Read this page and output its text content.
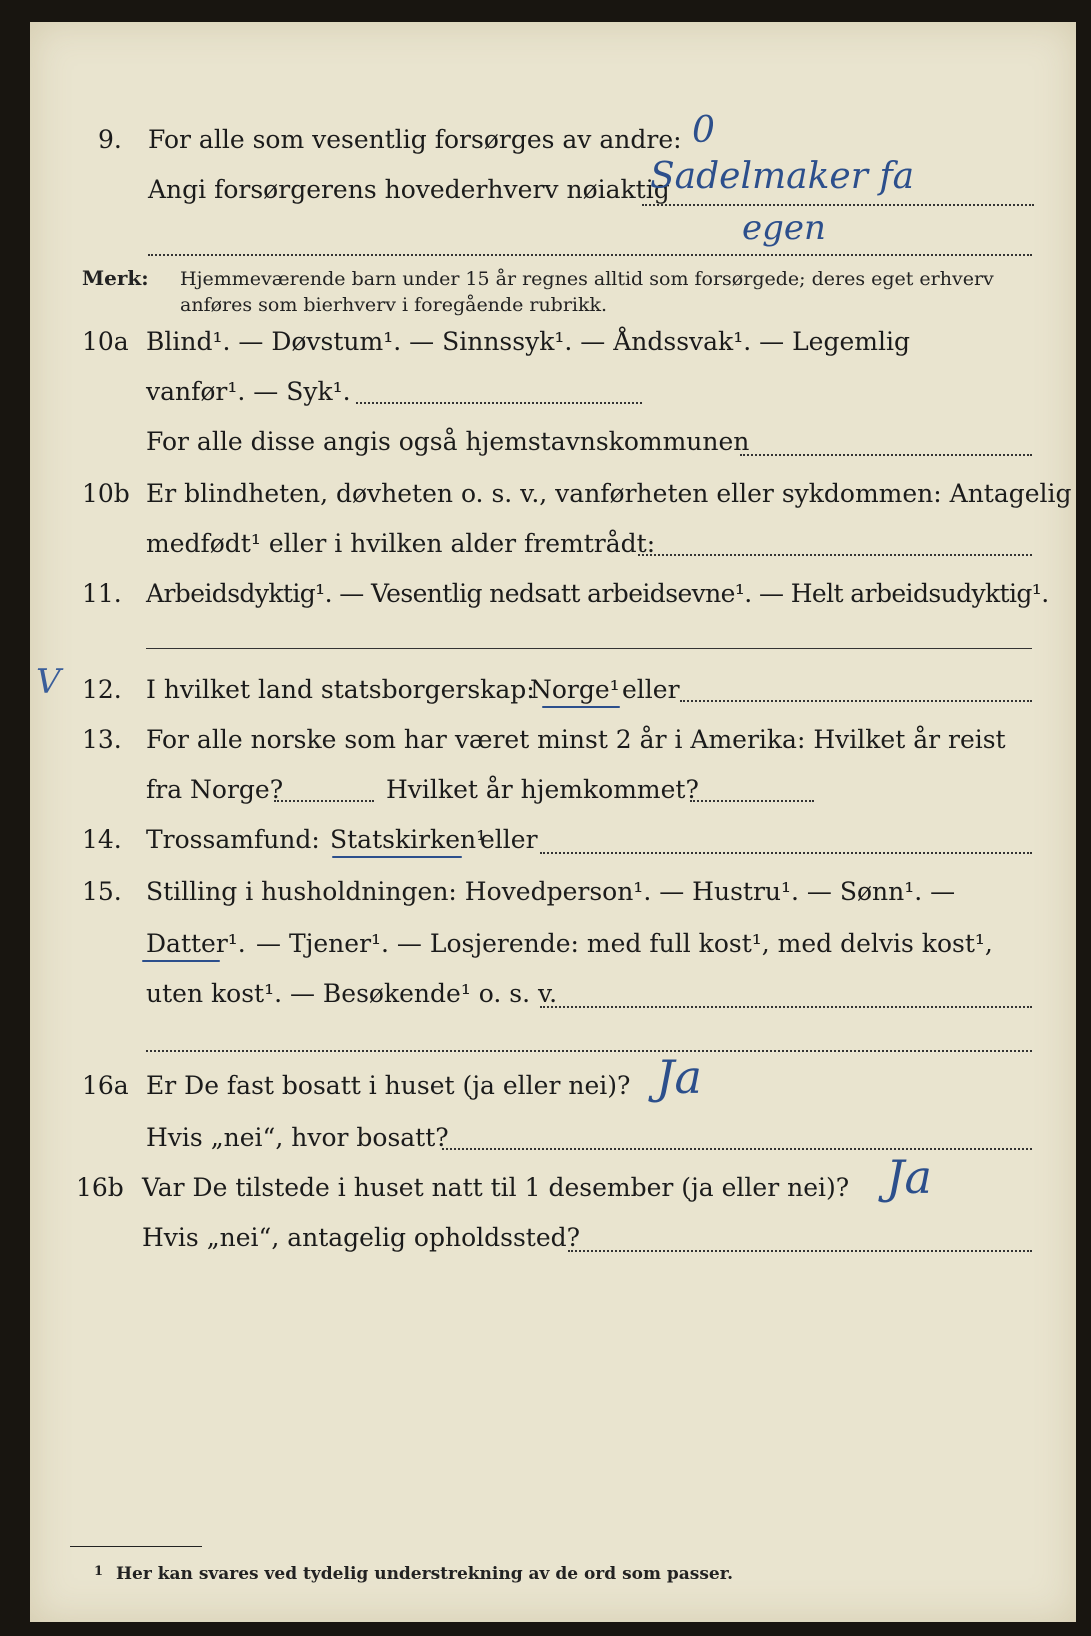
9. For alle som vesentlig forsørges av andre: 0
Angi forsørgerens hovederhverv nøiaktig
Sadelmaker fa
egen
Merk: Hjemmeværende barn under 15 år regnes alltid som forsørgede; deres eget erhverv
anføres som bierhverv i foregående rubrikk.
10a Blind¹. — Døvstum¹. — Sinnssyk¹. — Åndssvak¹. — Legemlig
vanfør¹. — Syk¹.
For alle disse angis også hjemstavnskommunen
10b Er blindheten, døvheten o. s. v., vanførheten eller sykdommen: Antagelig
medfødt¹ eller i hvilken alder fremtrådt:
11. Arbeidsdyktig¹. — Vesentlig nedsatt arbeidsevne¹. — Helt arbeidsudyktig¹.
V 12. I hvilket land statsborgerskap:
Norge¹ eller
13. For alle norske som har været minst 2 år i Amerika: Hvilket år reist
fra Norge?	Hvilket år hjemkommet?
14. Trossamfund: Statskirken¹
eller
15. Stilling i husholdningen: Hovedperson¹. — Hustru¹. — Sønn¹. —
Datter¹. — Tjener¹. — Losjerende: med full kost¹, med delvis kost¹,
uten kost¹. — Besøkende¹ o. s. v.
16a Er De fast bosatt i huset (ja eller nei)? Ja
Hvis „nei“, hvor bosatt?
16b Var De tilstede i huset natt til 1 desember (ja eller nei)? Ja
Hvis „nei“, antagelig opholdssted?
1 Her kan svares ved tydelig understrekning av de ord som passer.
